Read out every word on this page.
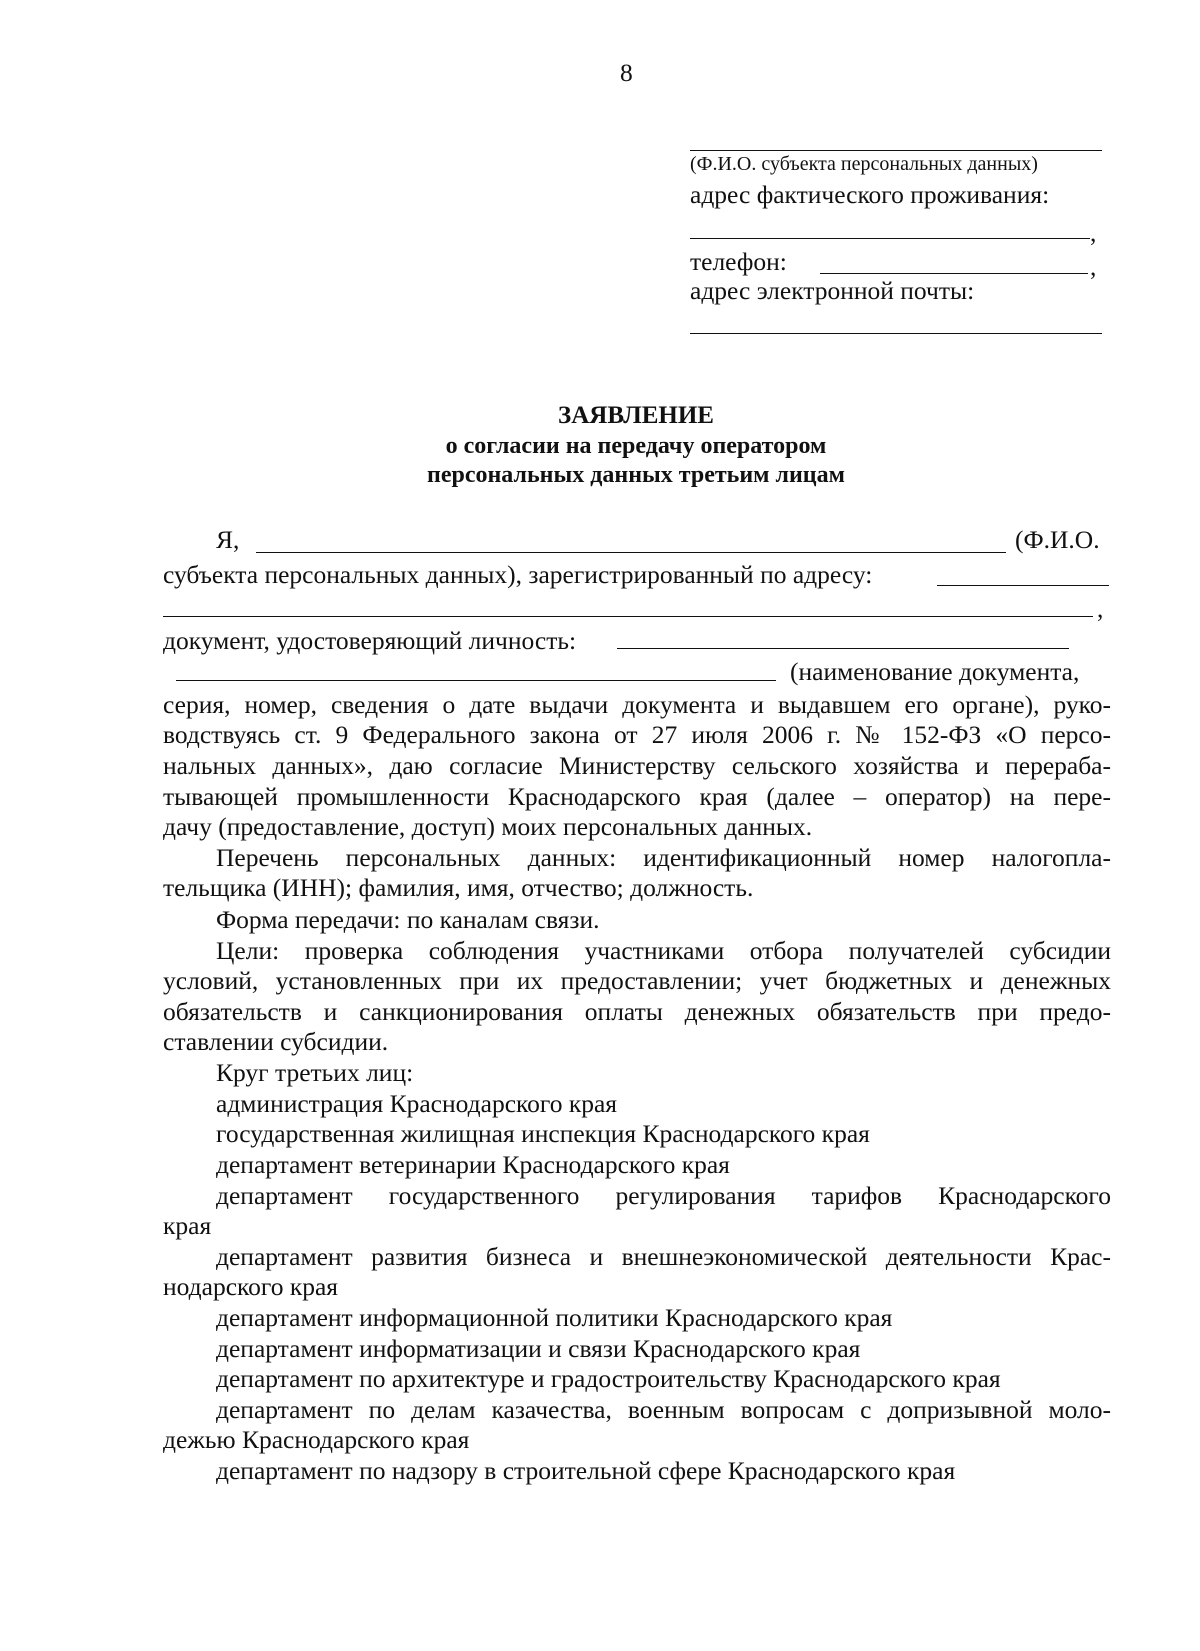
8
(Ф.И.О. субъекта персональных данных)
адрес фактического проживания:
,
телефон:	,
адрес электронной почты:
ЗАЯВЛЕНИЕ
о согласии на передачу оператором
персональных данных третьим лицам
Я,	(Ф.И.О.
субъекта персональных данных), зарегистрированный по адресу:
,
документ, удостоверяющий личность:
(наименование документа,
серия, номер, сведения о дате выдачи документа и выдавшем его органе), руко-
водствуясь ст. 9 Федерального закона от 27 июля 2006 г. № 152-ФЗ «О персо-
нальных данных», даю согласие Министерству сельского хозяйства и перераба-
тывающей промышленности Краснодарского края (далее – оператор) на пере-
дачу (предоставление, доступ) моих персональных данных.
Перечень персональных данных: идентификационный номер налогопла-
тельщика (ИНН); фамилия, имя, отчество; должность.
Форма передачи: по каналам связи.
Цели: проверка соблюдения участниками отбора получателей субсидии
условий, установленных при их предоставлении; учет бюджетных и денежных
обязательств и санкционирования оплаты денежных обязательств при предо-
ставлении субсидии.
Круг третьих лиц:
администрация Краснодарского края
государственная жилищная инспекция Краснодарского края
департамент ветеринарии Краснодарского края
департамент государственного регулирования тарифов Краснодарского
края
департамент развития бизнеса и внешнеэкономической деятельности Крас-
нодарского края
департамент информационной политики Краснодарского края
департамент информатизации и связи Краснодарского края
департамент по архитектуре и градостроительству Краснодарского края
департамент по делам казачества, военным вопросам с допризывной моло-
дежью Краснодарского края
департамент по надзору в строительной сфере Краснодарского края
